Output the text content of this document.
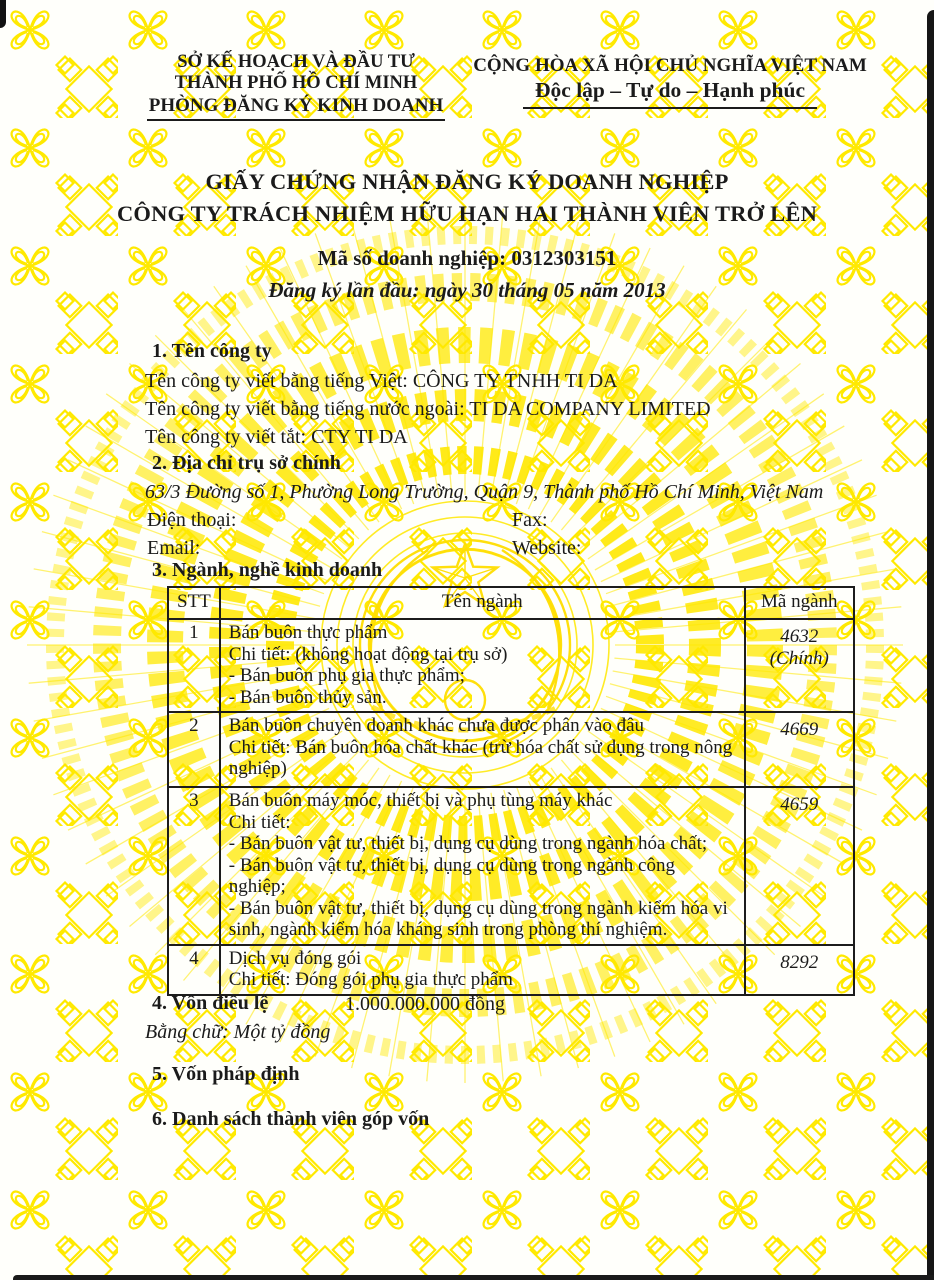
SỞ KẾ HOẠCH VÀ ĐẦU TƯ
THÀNH PHỐ HỒ CHÍ MINH
PHÒNG ĐĂNG KÝ KINH DOANH
CỘNG HÒA XÃ HỘI CHỦ NGHĨA VIỆT NAM
Độc lập – Tự do – Hạnh phúc
GIẤY CHỨNG NHẬN ĐĂNG KÝ DOANH NGHIỆP
CÔNG TY TRÁCH NHIỆM HỮU HẠN HAI THÀNH VIÊN TRỞ LÊN
Mã số doanh nghiệp: 0312303151
Đăng ký lần đầu: ngày 30 tháng 05 năm 2013
1. Tên công ty
Tên công ty viết bằng tiếng Việt: CÔNG TY TNHH TI DA
Tên công ty viết bằng tiếng nước ngoài: TI DA COMPANY LIMITED
Tên công ty viết tắt: CTY TI DA
2. Địa chỉ trụ sở chính
63/3 Đường số 1, Phường Long Trường, Quận 9, Thành phố Hồ Chí Minh, Việt Nam
Điện thoại:	Fax:
Email:	Website:
3. Ngành, nghề kinh doanh
STT	Tên ngành	Mã ngành
1	Bán buôn thực phẩm
Chi tiết: (không hoạt động tại trụ sở)
- Bán buôn phụ gia thực phẩm;
- Bán buôn thủy sản.	4632 (Chính)
2	Bán buôn chuyên doanh khác chưa được phân vào đâu
Chi tiết: Bán buôn hóa chất khác (trừ hóa chất sử dụng trong nông nghiệp)	4669
3	Bán buôn máy móc, thiết bị và phụ tùng máy khác
Chi tiết:
- Bán buôn vật tư, thiết bị, dụng cụ dùng trong ngành hóa chất;
- Bán buôn vật tư, thiết bị, dụng cụ dùng trong ngành công nghiệp;
- Bán buôn vật tư, thiết bị, dụng cụ dùng trong ngành kiểm hóa vi sinh, ngành kiểm hóa kháng sinh trong phòng thí nghiệm.	4659
4	Dịch vụ đóng gói
Chi tiết: Đóng gói phụ gia thực phẩm	8292
4. Vốn điều lệ	1.000.000.000 đồng
Bằng chữ: Một tỷ đồng
5. Vốn pháp định
6. Danh sách thành viên góp vốn
